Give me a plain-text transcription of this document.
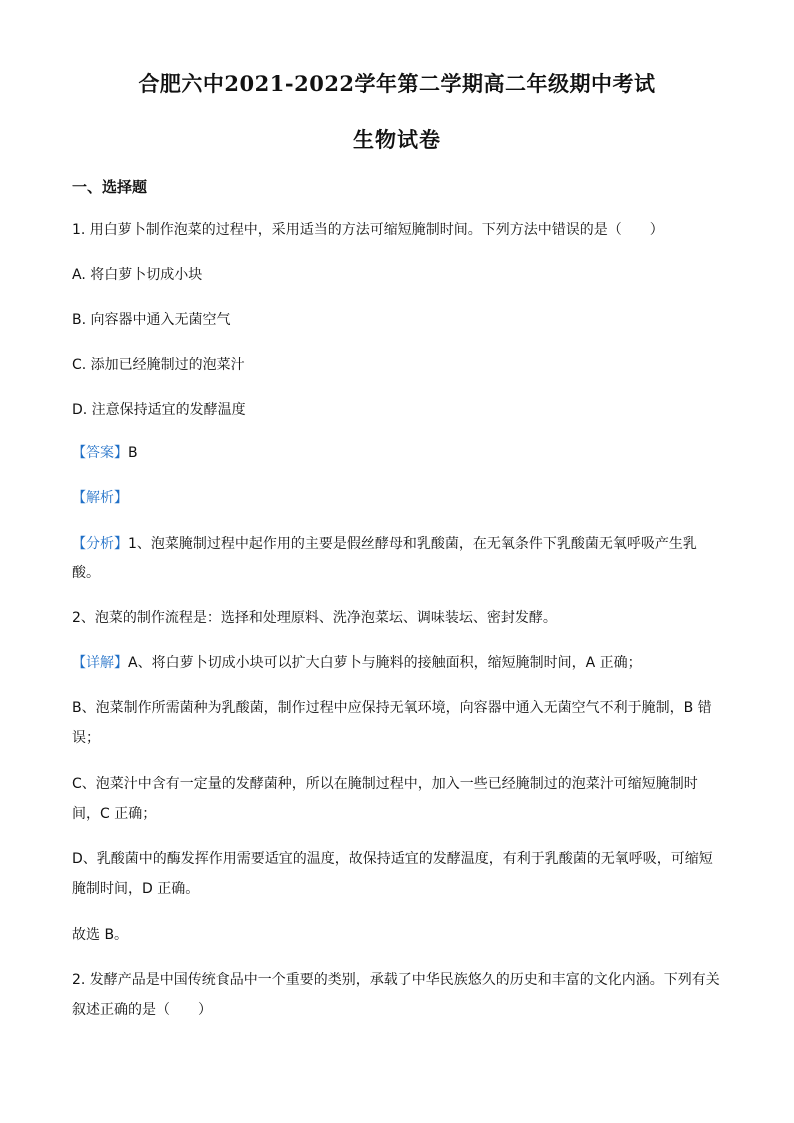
合肥六中2021-2022学年第二学期高二年级期中考试
生物试卷
一、选择题
1. 用白萝卜制作泡菜的过程中，采用适当的方法可缩短腌制时间。下列方法中错误的是（　　）
A. 将白萝卜切成小块
B. 向容器中通入无菌空气
C. 添加已经腌制过的泡菜汁
D. 注意保持适宜的发酵温度
【答案】B
【解析】
【分析】1、泡菜腌制过程中起作用的主要是假丝酵母和乳酸菌，在无氧条件下乳酸菌无氧呼吸产生乳
酸。
2、泡菜的制作流程是：选择和处理原料、洗净泡菜坛、调味装坛、密封发酵。
【详解】A、将白萝卜切成小块可以扩大白萝卜与腌料的接触面积，缩短腌制时间，A 正确；
B、泡菜制作所需菌种为乳酸菌，制作过程中应保持无氧环境，向容器中通入无菌空气不利于腌制，B 错
误；
C、泡菜汁中含有一定量的发酵菌种，所以在腌制过程中，加入一些已经腌制过的泡菜汁可缩短腌制时
间，C 正确；
D、乳酸菌中的酶发挥作用需要适宜的温度，故保持适宜的发酵温度，有利于乳酸菌的无氧呼吸，可缩短
腌制时间，D 正确。
故选 B。
2. 发酵产品是中国传统食品中一个重要的类别，承载了中华民族悠久的历史和丰富的文化内涵。下列有关
叙述正确的是（　　）
